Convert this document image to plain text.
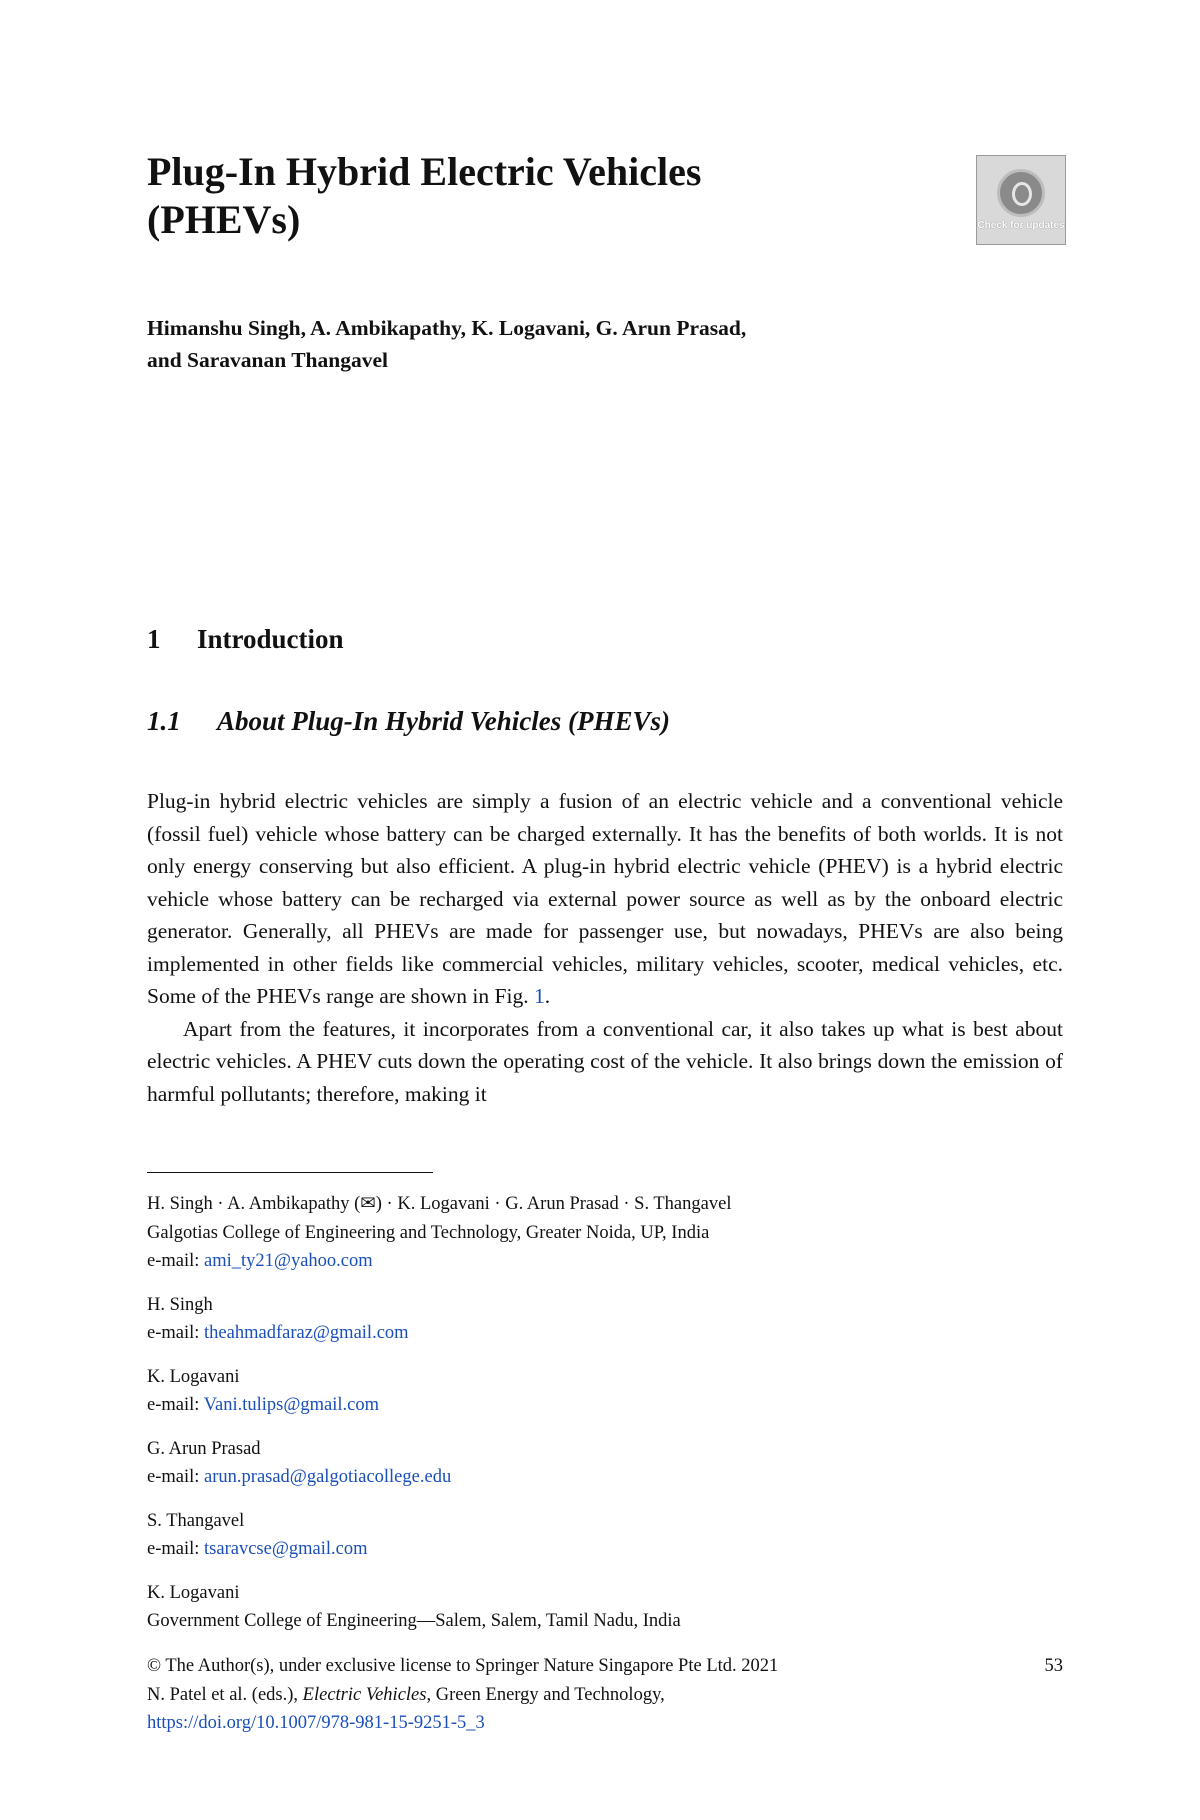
Plug-In Hybrid Electric Vehicles
(PHEVs)	Check for updates

Himanshu Singh, A. Ambikapathy, K. Logavani, G. Arun Prasad,
and Saravanan Thangavel

1 Introduction
1.1 About Plug-In Hybrid Vehicles (PHEVs)

Plug-in hybrid electric vehicles are simply a fusion of an electric vehicle and a conventional vehicle (fossil fuel) vehicle whose battery can be charged externally. It has the benefits of both worlds. It is not only energy conserving but also efficient. A plug-in hybrid electric vehicle (PHEV) is a hybrid electric vehicle whose battery can be recharged via external power source as well as by the onboard electric generator. Generally, all PHEVs are made for passenger use, but nowadays, PHEVs are also being implemented in other fields like commercial vehicles, military vehicles, scooter, medical vehicles, etc. Some of the PHEVs range are shown in Fig. 1.

Apart from the features, it incorporates from a conventional car, it also takes up what is best about electric vehicles. A PHEV cuts down the operating cost of the vehicle. It also brings down the emission of harmful pollutants; therefore, making it

H. Singh · A. Ambikapathy (✉) · K. Logavani · G. Arun Prasad · S. Thangavel
Galgotias College of Engineering and Technology, Greater Noida, UP, India
e-mail: ami_ty21@yahoo.com
H. Singh
e-mail: theahmadfaraz@gmail.com
K. Logavani
e-mail: Vani.tulips@gmail.com
G. Arun Prasad
e-mail: arun.prasad@galgotiacollege.edu
S. Thangavel
e-mail: tsaravcse@gmail.com
K. Logavani
Government College of Engineering—Salem, Salem, Tamil Nadu, India
© The Author(s), under exclusive license to Springer Nature Singapore Pte Ltd. 2021	53
N. Patel et al. (eds.), Electric Vehicles, Green Energy and Technology,
https://doi.org/10.1007/978-981-15-9251-5_3
